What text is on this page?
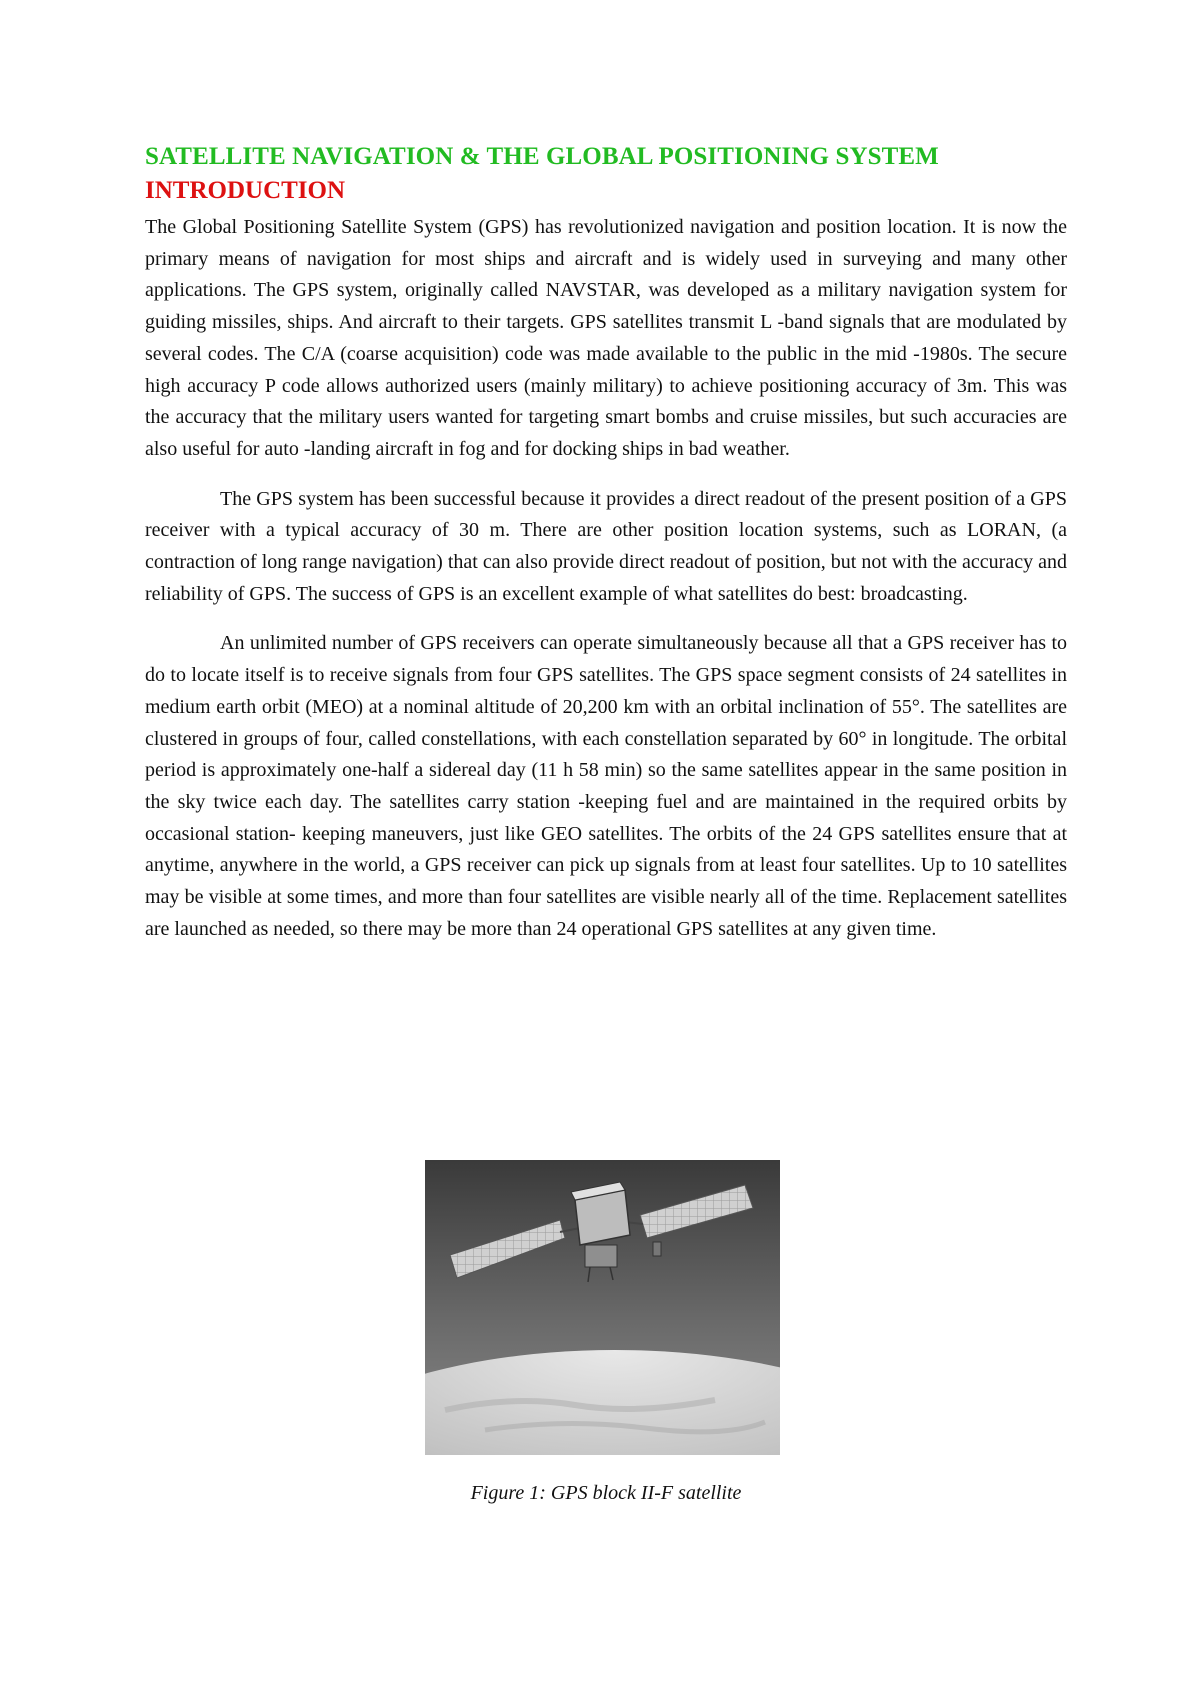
SATELLITE NAVIGATION & THE GLOBAL POSITIONING SYSTEM
INTRODUCTION

The Global Positioning Satellite System (GPS) has revolutionized navigation and position location. It is now the primary means of navigation for most ships and aircraft and is widely used in surveying and many other applications. The GPS system, originally called NAVSTAR, was developed as a military navigation system for guiding missiles, ships. And aircraft to their targets. GPS satellites transmit L -band signals that are modulated by several codes. The C/A (coarse acquisition) code was made available to the public in the mid -1980s. The secure high accuracy P code allows authorized users (mainly military) to achieve positioning accuracy of 3m. This was the accuracy that the military users wanted for targeting smart bombs and cruise missiles, but such accuracies are also useful for auto -landing aircraft in fog and for docking ships in bad weather.

The GPS system has been successful because it provides a direct readout of the present position of a GPS receiver with a typical accuracy of 30 m. There are other position location systems, such as LORAN, (a contraction of long range navigation) that can also provide direct readout of position, but not with the accuracy and reliability of GPS. The success of GPS is an excellent example of what satellites do best: broadcasting.

An unlimited number of GPS receivers can operate simultaneously because all that a GPS receiver has to do to locate itself is to receive signals from four GPS satellites. The GPS space segment consists of 24 satellites in medium earth orbit (MEO) at a nominal altitude of 20,200 km with an orbital inclination of 55°. The satellites are clustered in groups of four, called constellations, with each constellation separated by 60° in longitude. The orbital period is approximately one-half a sidereal day (11 h 58 min) so the same satellites appear in the same position in the sky twice each day. The satellites carry station -keeping fuel and are maintained in the required orbits by occasional station- keeping maneuvers, just like GEO satellites. The orbits of the 24 GPS satellites ensure that at anytime, anywhere in the world, a GPS receiver can pick up signals from at least four satellites. Up to 10 satellites may be visible at some times, and more than four satellites are visible nearly all of the time. Replacement satellites are launched as needed, so there may be more than 24 operational GPS satellites at any given time.

Figure 1: GPS block II-F satellite
